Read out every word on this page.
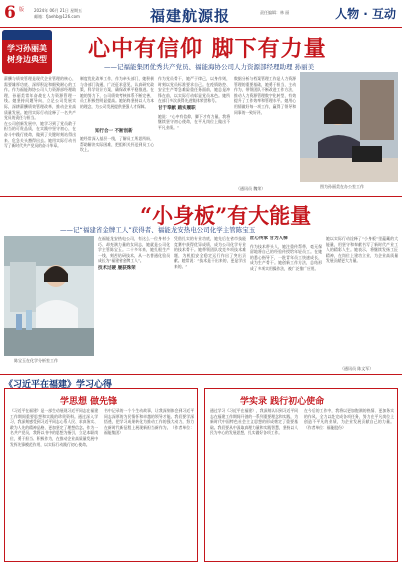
6 版 2024年 06月 21日 星期五
邮箱：fjaehb@126.com	福建航源报	责任编辑：林 丽	人物 · 互动
学习孙丽美
树身边典型 心中有信仰 脚下有力量
——记福能集团优秀共产党员、福能海协公司人力资源部经理助理 孙丽美

薪酬与绩效管理是现代企业管理的核心，需要雄厚功底、深厚积淀和细致耐心的工作。作为福能海协公司人力资源部经理助理，孙丽美常年奋战在人力资源管理一线。她坚持问题导向，立足公司发展实际，深耕薪酬绩效管理改革，推动企业高质量发展。她用实际行动诠释了一名共产党员的责任与担当。

在公司创新发展中，她学习到了党员敢于担当的可贵品质，在实践中坚守初心，在奋斗中践行使命，做到了关键时刻站得出来、危急关头豁得出去。她用实际行动书写了新时代共产党员的奋斗华章。

制度优化改革工作，作为牵头部门，她积极与各部门沟通，广泛征求意见，认真研究政策，科学设计方案，确保改革平稳推进。在她的努力下，公司绩效考核体系不断完善，员工积极性明显提高。她始终坚持以人为本的理念，为公司发展提供坚强人才保障。

知行合一 不断创新

她经常深入基层一线，了解员工所思所盼，帮助解决实际困难，把组织关怀送到员工心坎上。

作为党员骨干，她严于律己，以身作则，时刻以党员标准要求自己。在疫情防控、安全生产等急难险重任务面前，她总是冲锋在前，以实际行动彰显党员本色。她所在部门多次获得先进集体荣誉称号。

甘于奉献 踏实履职

她说：“心中有信仰，脚下才有力量。我将继续坚守初心使命，在平凡岗位上做出不平凡业绩。”

数据分析与档案管理工作是人力资源管理的重要基础，她勇于担当，主动作为，带领团队不断改进工作方法，推动人力资源管理数字化转型，有效提升了工作效率和管理水平。她用心用情做好每一项工作，赢得了领导和同事的一致好评。

（通讯员 魏荣）	图为孙丽美在办公室工作
“小身板”有大能量
——记“福建省金牌工人”获得者、福能龙安热电公司化学主管陈宝玉
陈宝玉在化学分析室工作

在福能龙安热电公司，有这么一位身材小巧、却充满力量的女同志，她就是公司化学主管陈宝玉。二十多年来，她扎根生产一线，刻苦钻研技术，从一名普通化验员成长为“福建省金牌工人”。

技术过硬 屡获殊荣

凭借扎实的专业功底，她先后在省市技能竞赛中获得优异成绩，成为公司化学专业的技术骨干。她带领团队攻克多项技术难题，为机组安全稳定运行作出了突出贡献。她常说：“技术是干出来的，更是学出来的。”

匠心传承 甘为人梯

作为技术带头人，她注重传帮带，毫无保留地将自己的经验传授给年轻员工。在她的悉心指导下，一批青年员工快速成长，成为生产骨干。她创新工作方法，总结形成了多项实用操作法，被广泛推广应用。

她以实际行动诠释了“小身板”里蕴藏的大能量，用坚守和奉献书写了新时代产业工人的精彩人生。她表示，将继续发扬工匠精神，在岗位上建功立业，为企业高质量发展贡献更大力量。

（通讯员 陈文军）
《习近平在福建》学习心得
学思想 做先锋

《习近平在福建》是一部生动展现习近平同志在福建工作期间重要思想和实践的珍贵资料。通过深入学习，我深刻感受到习近平同志心系人民、求真务实、敢为人先的精神品格，更加坚定了理想信念。作为一名共产党员，我将以书中的思想为指引，立足本职岗位，勇于担当、积极作为，在推动企业高质量发展中发挥先锋模范作用，以实际行动践行初心使命。

书中记录的一个个生动故事，让我深刻体会到习近平同志深厚的为民情怀和卓越的领导才能。我们要学深悟透，把学习成果转化为推动工作的强大动力，努力在新时代新征程上展现新担当新作为。（作者单位：福能集团）

学实录 践行初心使命

通过学习《习近平在福建》，我深刻认识到习近平同志在福建工作期间开创的一系列重要理念和实践，为新时代中国特色社会主义思想的形成奠定了重要基础。我们要从中汲取真理力量和实践智慧，坚持以人民为中心的发展思想，扎实做好各项工作。

在今后的工作中，我将以更加饱满的热情、更加务实的作风，全力以赴完成各项任务，努力在平凡岗位上创造不平凡的业绩，为企业发展贡献自己的力量。（作者单位：福能股份）
